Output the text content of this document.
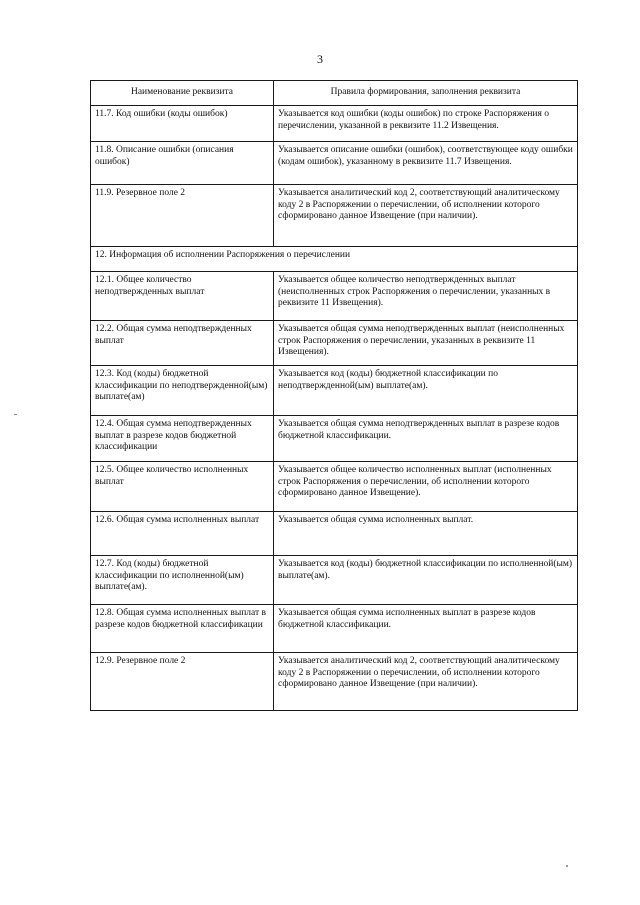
3
Наименование реквизита	Правила формирования, заполнения реквизита
11.7. Код ошибки (коды ошибок)	Указывается код ошибки (коды ошибок) по строке Распоряжения о перечислении, указанной в реквизите 11.2 Извещения.
11.8. Описание ошибки (описания ошибок)	Указывается описание ошибки (ошибок), соответствующее коду ошибки (кодам ошибок), указанному в реквизите 11.7 Извещения.
11.9. Резервное поле 2	Указывается аналитический код 2, соответствующий аналитическому коду 2 в Распоряжении о перечислении, об исполнении которого сформировано данное Извещение (при наличии).
12. Информация об исполнении Распоряжения о перечислении	
12.1. Общее количество неподтвержденных выплат	Указывается общее количество неподтвержденных выплат (неисполненных строк Распоряжения о перечислении, указанных в реквизите 11 Извещения).
12.2. Общая сумма неподтвержденных выплат	Указывается общая сумма неподтвержденных выплат (неисполненных строк Распоряжения о перечислении, указанных в реквизите 11 Извещения).
12.3. Код (коды) бюджетной классификации по неподтвержденной(ым) выплате(ам)	Указывается код (коды) бюджетной классификации по неподтвержденной(ым) выплате(ам).
12.4. Общая сумма неподтвержденных выплат в разрезе кодов бюджетной классификации	Указывается общая сумма неподтвержденных выплат в разрезе кодов бюджетной классификации.
12.5. Общее количество исполненных выплат	Указывается общее количество исполненных выплат (исполненных строк Распоряжения о перечислении, об исполнении которого сформировано данное Извещение).
12.6. Общая сумма исполненных выплат	Указывается общая сумма исполненных выплат.
12.7. Код (коды) бюджетной классификации по исполненной(ым) выплате(ам).	Указывается код (коды) бюджетной классификации по исполненной(ым) выплате(ам).
12.8. Общая сумма исполненных выплат в разрезе кодов бюджетной классификации	Указывается общая сумма исполненных выплат в разрезе кодов бюджетной классификации.
12.9. Резервное поле 2	Указывается аналитический код 2, соответствующий аналитическому коду 2 в Распоряжении о перечислении, об исполнении которого сформировано данное Извещение (при наличии).
